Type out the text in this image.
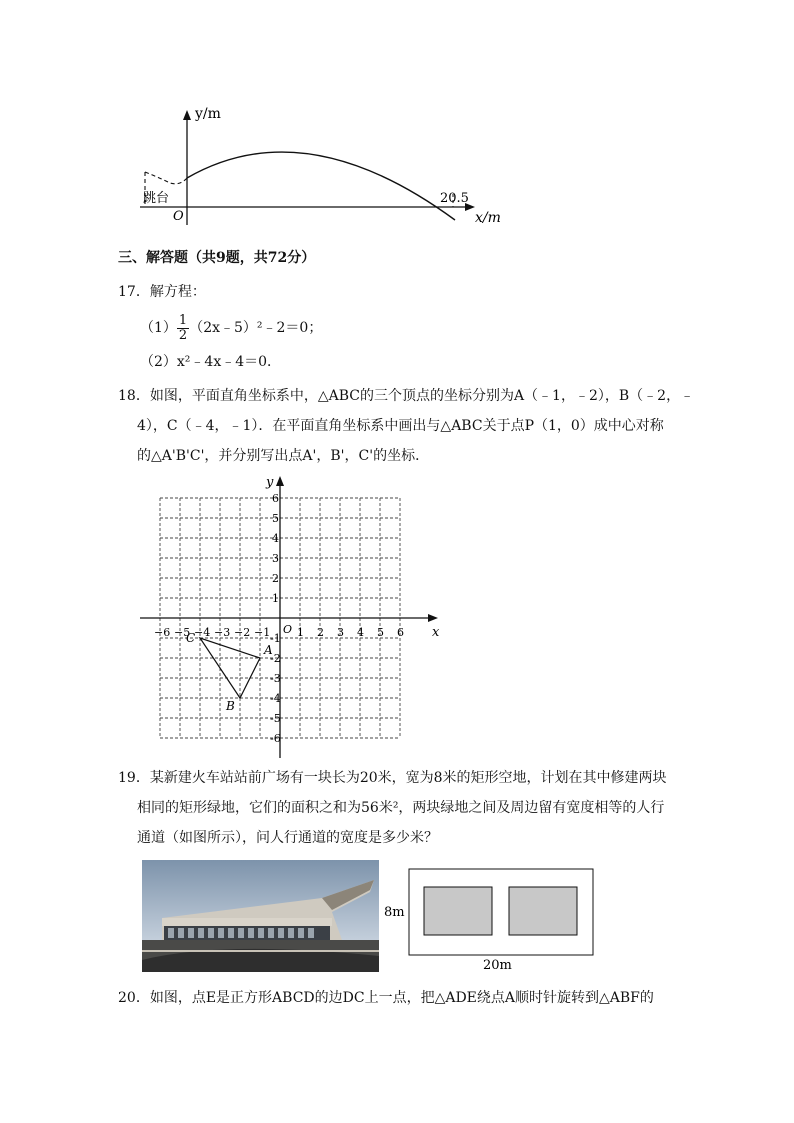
y/m
x/m
O
跳台	20.5
三、解答题（共9题，共72分）
17．解方程：
$(1) \frac{1}{2}$ （2x﹣5）²﹣2＝0；
（2）x²﹣4x﹣4＝0．
18．如图，平面直角坐标系中，△ABC的三个顶点的坐标分别为A（﹣1，﹣2），B（﹣2，﹣
4），C（﹣4，﹣1）．在平面直角坐标系中画出与△ABC关于点P（1，0）成中心对称
的△A'B'C'，并分别写出点A'，B'，C'的坐标．
x
y
O
−6 −5 −4 −3 −2 −1 1 2 3 4 5 6
6
5
4
3
2
1
-1
-2
-3
-4
-5
-6
A
B
C
19．某新建火车站站前广场有一块长为20米，宽为8米的矩形空地，计划在其中修建两块
相同的矩形绿地，它们的面积之和为56米²，两块绿地之间及周边留有宽度相等的人行
通道（如图所示），问人行通道的宽度是多少米？
8m
20m
20．如图，点E是正方形ABCD的边DC上一点，把△ADE绕点A顺时针旋转到△ABF的
